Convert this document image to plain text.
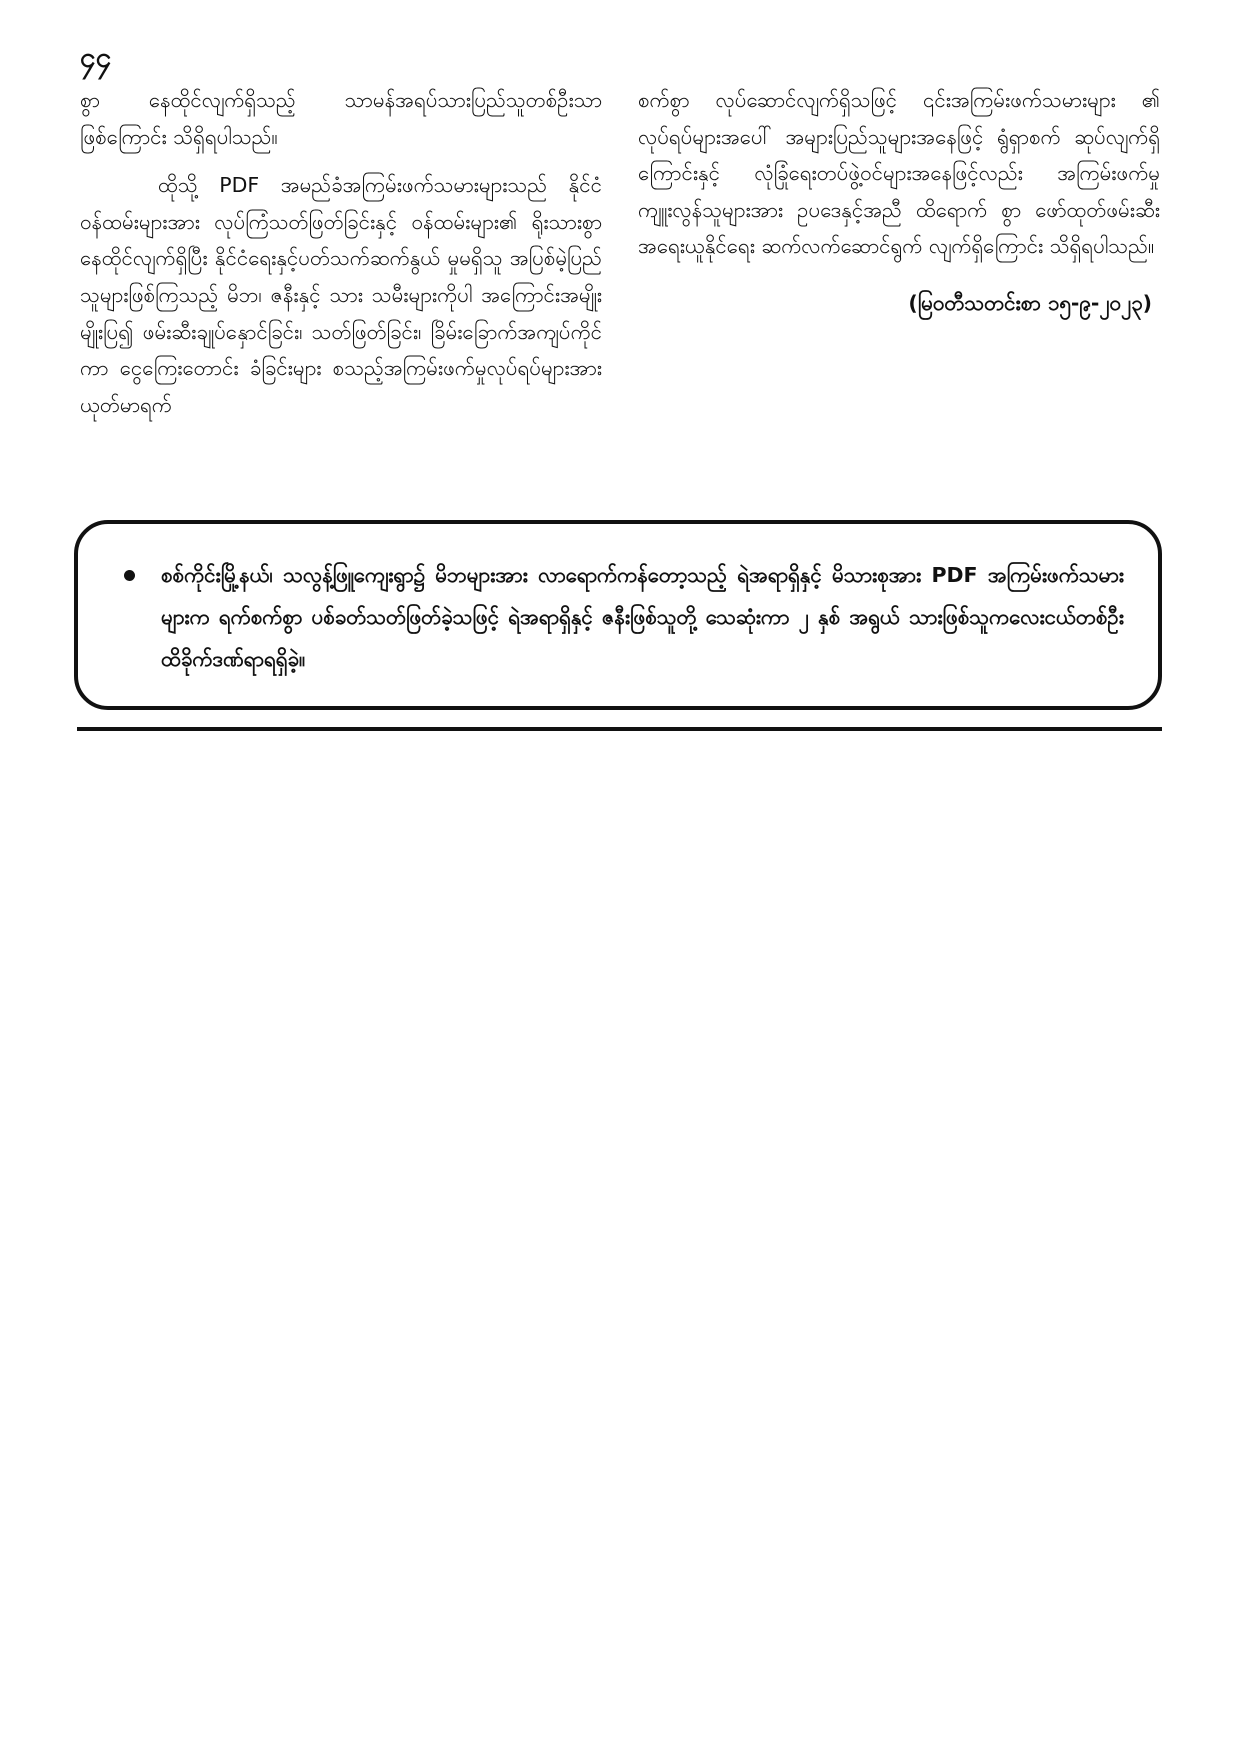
၄၄

စွာ နေထိုင်လျက်ရှိသည့် သာမန်အရပ်သားပြည်သူတစ်ဦးသာ ဖြစ်ကြောင်း သိရှိရပါသည်။

ထိုသို့ PDF အမည်ခံအကြမ်းဖက်သမားများသည် နိုင်ငံ ဝန်ထမ်းများအား လုပ်ကြံသတ်ဖြတ်ခြင်းနှင့် ဝန်ထမ်းများ၏ ရိုးသားစွာနေထိုင်လျက်ရှိပြီး နိုင်ငံရေးနှင့်ပတ်သက်ဆက်နွယ် မှုမရှိသူ အပြစ်မဲ့ပြည်သူများဖြစ်ကြသည့် မိဘ၊ ဇနီးနှင့် သား သမီးများကိုပါ အကြောင်းအမျိုးမျိုးပြ၍ ဖမ်းဆီးချုပ်နှောင်ခြင်း၊ သတ်ဖြတ်ခြင်း၊ ခြိမ်းခြောက်အကျပ်ကိုင်ကာ ငွေကြေးတောင်း ခံခြင်းများ စသည့်အကြမ်းဖက်မှုလုပ်ရပ်များအား ယုတ်မာရက်

စက်စွာ လုပ်ဆောင်လျက်ရှိသဖြင့် ၎င်းအကြမ်းဖက်သမားများ ၏ လုပ်ရပ်များအပေါ် အများပြည်သူများအနေဖြင့် ရွံရှာစက် ဆုပ်လျက်ရှိကြောင်းနှင့် လုံခြုံရေးတပ်ဖွဲ့ဝင်များအနေဖြင့်လည်း အကြမ်းဖက်မှုကျူးလွန်သူများအား ဥပဒေနှင့်အညီ ထိရောက် စွာ ဖော်ထုတ်ဖမ်းဆီးအရေးယူနိုင်ရေး ဆက်လက်ဆောင်ရွက် လျက်ရှိကြောင်း သိရှိရပါသည်။

(မြဝတီသတင်းစာ ၁၅-၉-၂၀၂၃)
စစ်ကိုင်းမြို့နယ်၊ သလွန့်ဖြူကျေးရွာ၌ မိဘများအား လာရောက်ကန်တော့သည့် ရဲအရာရှိနှင့် မိသားစုအား PDF အကြမ်းဖက်သမားများက ရက်စက်စွာ ပစ်ခတ်သတ်ဖြတ်ခဲ့သဖြင့် ရဲအရာရှိနှင့် ဇနီးဖြစ်သူတို့ သေဆုံးကာ ၂ နှစ် အရွယ် သားဖြစ်သူကလေးငယ်တစ်ဦး ထိခိုက်ဒဏ်ရာရရှိခဲ့။
